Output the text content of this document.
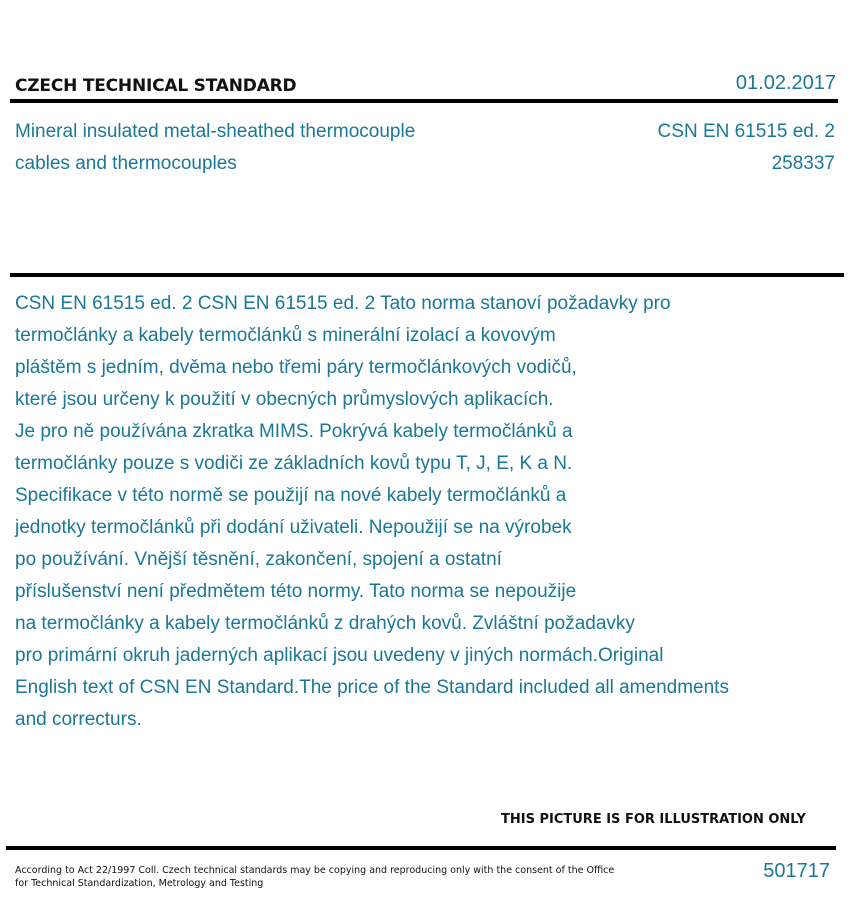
CZECH TECHNICAL STANDARD	01.02.2017
Mineral insulated metal-sheathed thermocouple
cables and thermocouples
CSN EN 61515 ed. 2
258337
CSN EN 61515 ed. 2 CSN EN 61515 ed. 2 Tato norma stanoví požadavky pro
termočlánky a kabely termočlánků s minerální izolací a kovovým
pláštěm s jedním, dvěma nebo třemi páry termočlánkových vodičů,
které jsou určeny k použití v obecných průmyslových aplikacích.
Je pro ně používána zkratka MIMS. Pokrývá kabely termočlánků a
termočlánky pouze s vodiči ze základních kovů typu T, J, E, K a N.
Specifikace v této normě se použijí na nové kabely termočlánků a
jednotky termočlánků při dodání uživateli. Nepoužijí se na výrobek
po používání. Vnější těsnění, zakončení, spojení a ostatní
příslušenství není předmětem této normy. Tato norma se nepoužije
na termočlánky a kabely termočlánků z drahých kovů. Zvláštní požadavky
pro primární okruh jaderných aplikací jsou uvedeny v jiných normách.Original
English text of CSN EN Standard.The price of the Standard included all amendments
and correcturs.
THIS PICTURE IS FOR ILLUSTRATION ONLY
According to Act 22/1997 Coll. Czech technical standards may be copying and reproducing only with the consent of the Office
for Technical Standardization, Metrology and Testing
501717
